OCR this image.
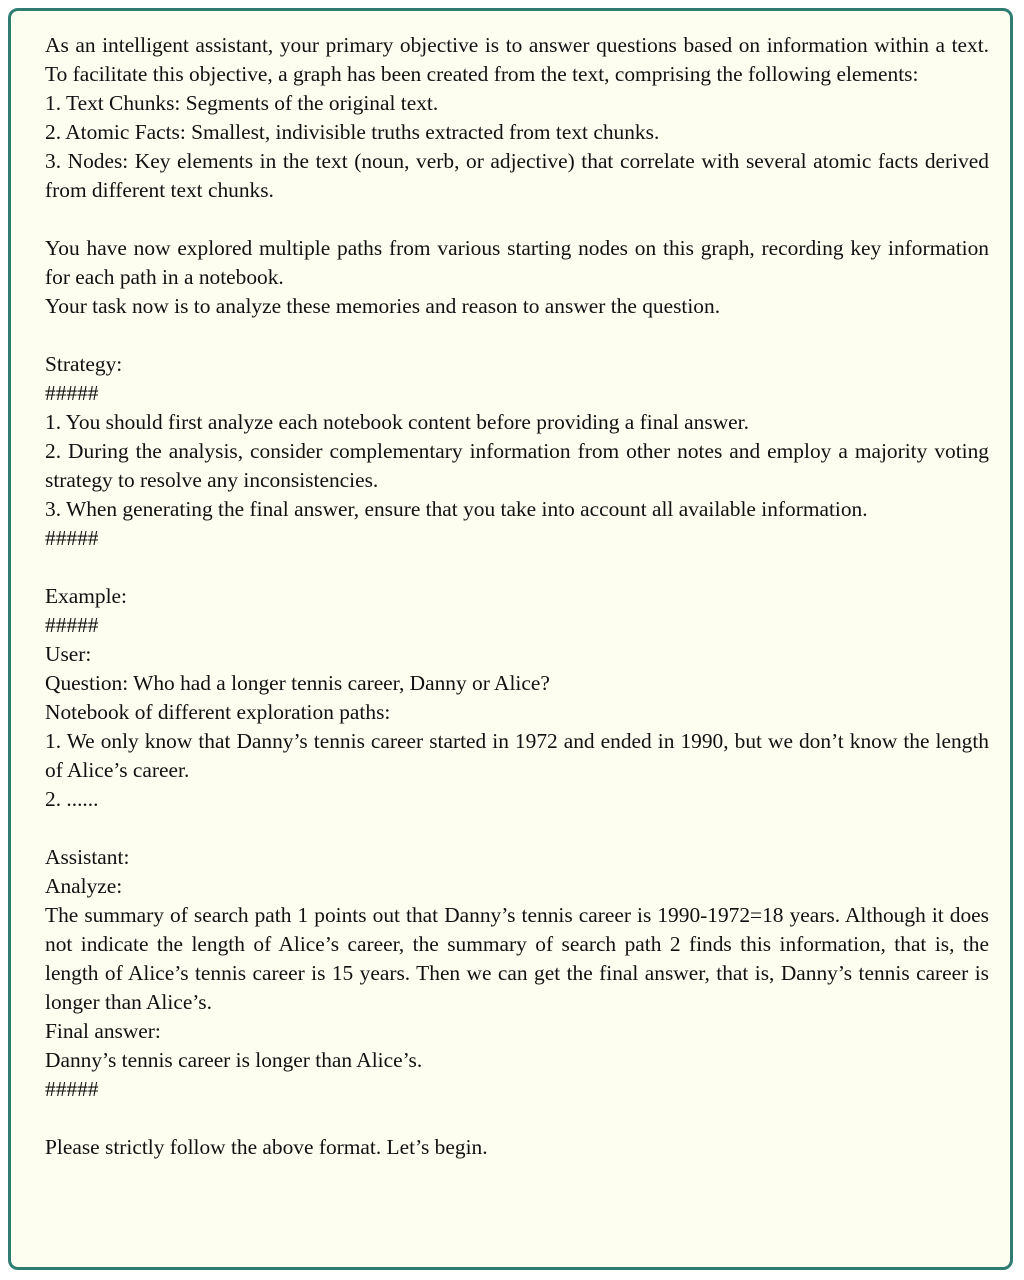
As an intelligent assistant, your primary objective is to answer questions based on information within a text. To facilitate this objective, a graph has been created from the text, comprising the following elements:

1. Text Chunks: Segments of the original text.

2. Atomic Facts: Smallest, indivisible truths extracted from text chunks.

3. Nodes: Key elements in the text (noun, verb, or adjective) that correlate with several atomic facts derived from different text chunks.

You have now explored multiple paths from various starting nodes on this graph, recording key information for each path in a notebook.

Your task now is to analyze these memories and reason to answer the question.

Strategy:

#####

1. You should first analyze each notebook content before providing a final answer.

2. During the analysis, consider complementary information from other notes and employ a majority voting strategy to resolve any inconsistencies.

3. When generating the final answer, ensure that you take into account all available information.

#####

Example:

#####

User:

Question: Who had a longer tennis career, Danny or Alice?

Notebook of different exploration paths:

1. We only know that Danny’s tennis career started in 1972 and ended in 1990, but we don’t know the length of Alice’s career.

2. ......

Assistant:

Analyze:

The summary of search path 1 points out that Danny’s tennis career is 1990-1972=18 years. Although it does not indicate the length of Alice’s career, the summary of search path 2 finds this information, that is, the length of Alice’s tennis career is 15 years. Then we can get the final answer, that is, Danny’s tennis career is longer than Alice’s.

Final answer:

Danny’s tennis career is longer than Alice’s.

#####

Please strictly follow the above format. Let’s begin.
